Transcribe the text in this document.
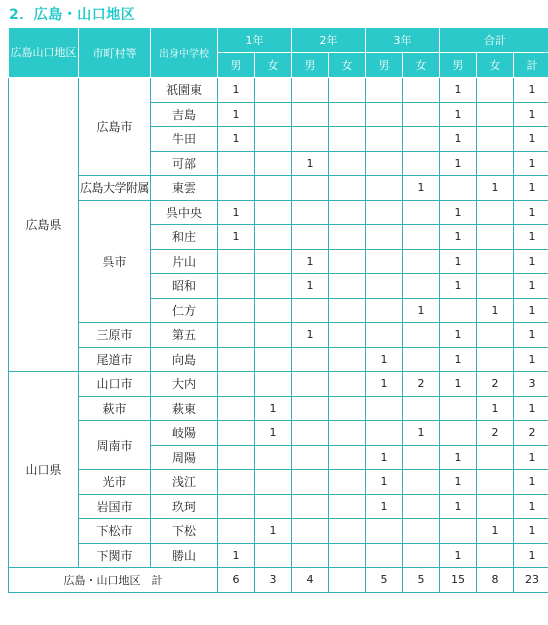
2．広島・山口地区
広島山口地区	市町村等	出身中学校	1年		2年		3年		合計		
			男	女	男	女	男	女	男	女	計
広島県	広島市	祇園東	1						1		1
		吉島	1						1		1
		牛田	1						1		1
		可部			1				1		1
	広島大学附属	東雲						1		1	1
	呉市	呉中央	1						1		1
		和庄	1						1		1
		片山			1				1		1
		昭和			1				1		1
		仁方						1		1	1
	三原市	第五			1				1		1
	尾道市	向島					1		1		1
山口県	山口市	大内					1	2	1	2	3
	萩市	萩東		1						1	1
	周南市	岐陽		1				1		2	2
		周陽					1		1		1
	光市	浅江					1		1		1
	岩国市	玖珂					1		1		1
	下松市	下松		1						1	1
	下関市	勝山	1						1		1
広島・山口地区　計			6	3	4		5	5	15	8	23
